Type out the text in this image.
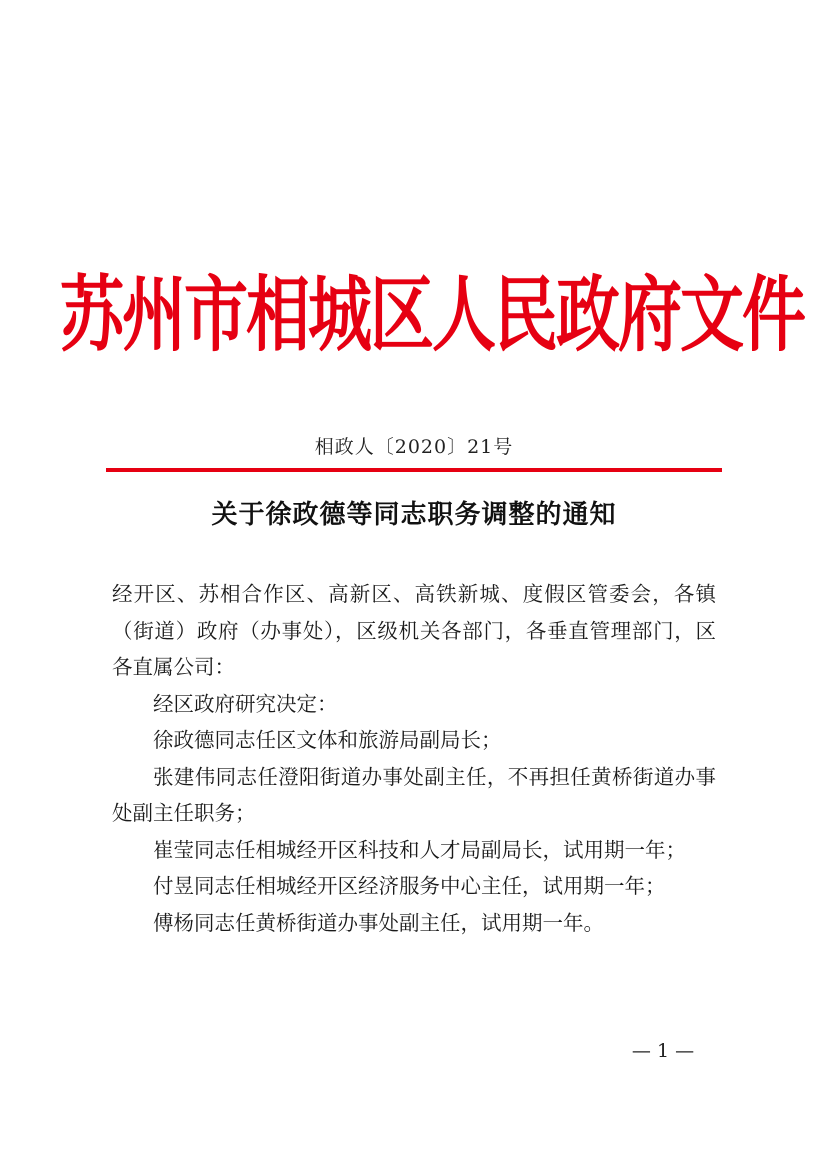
苏州市相城区人民政府文件
相政人〔2020〕21号
关于徐政德等同志职务调整的通知

经开区、苏相合作区、高新区、高铁新城、度假区管委会，各镇（街道）政府（办事处），区级机关各部门，各垂直管理部门，区各直属公司：

经区政府研究决定：

徐政德同志任区文体和旅游局副局长；

张建伟同志任澄阳街道办事处副主任，不再担任黄桥街道办事处副主任职务；

崔莹同志任相城经开区科技和人才局副局长，试用期一年；

付昱同志任相城经开区经济服务中心主任，试用期一年；

傅杨同志任黄桥街道办事处副主任，试用期一年。

— 1 —
